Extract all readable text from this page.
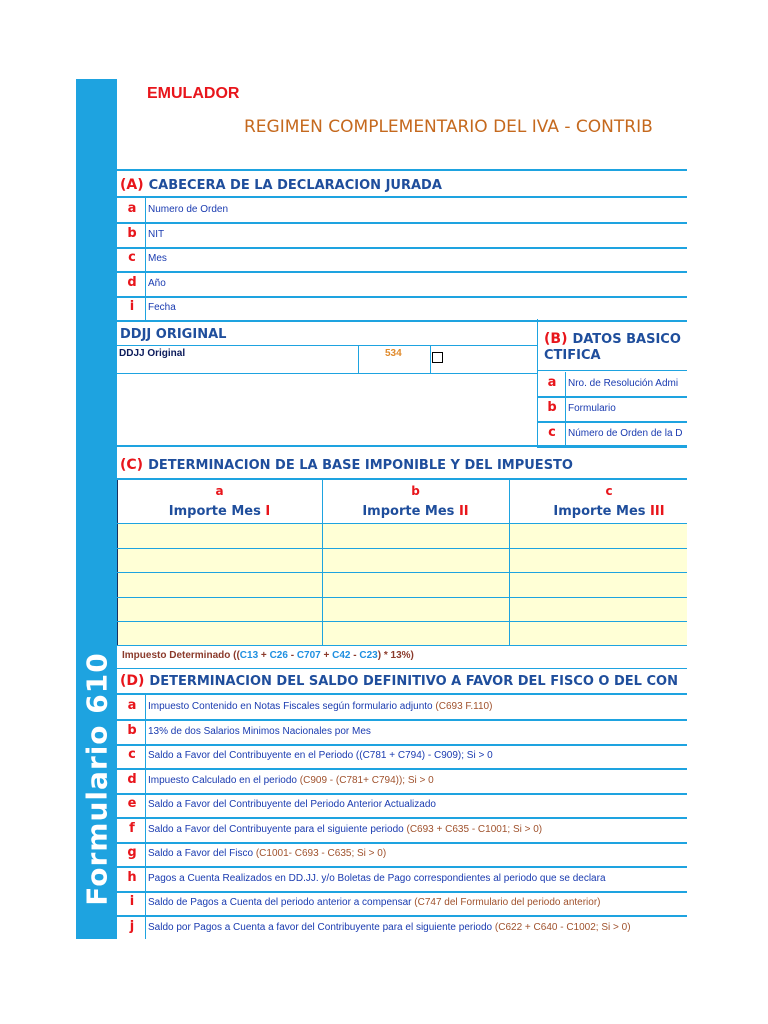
Formulario 610
EMULADOR
REGIMEN COMPLEMENTARIO DEL IVA - CONTRIB
(A) CABECERA DE LA DECLARACION JURADA
a	Numero de Orden
b	NIT
c	Mes
d	Año
i	Fecha
DDJJ ORIGINAL
DDJJ Original	534
(B) DATOS BASICO
CTIFICA
a	Nro. de Resolución Admi
b	Formulario
c	Número de Orden de la D
(C) DETERMINACION DE LA BASE IMPONIBLE Y DEL IMPUESTO
a
Importe Mes I
b
Importe Mes II
c
Importe Mes III
Impuesto Determinado ((C13 + C26 - C707 + C42 - C23) * 13%)
(D) DETERMINACION DEL SALDO DEFINITIVO A FAVOR DEL FISCO O DEL CON
a	Impuesto Contenido en Notas Fiscales según formulario adjunto (C693 F.110)
b	13% de dos Salarios Minimos Nacionales por Mes
c	Saldo a Favor del Contribuyente en el Periodo ((C781 + C794) - C909); Si > 0
d	Impuesto Calculado en el periodo (C909 - (C781+ C794)); Si > 0
e	Saldo a Favor del Contribuyente del Periodo Anterior Actualizado
f	Saldo a Favor del Contribuyente para el siguiente periodo (C693 + C635 - C1001; Si > 0)
g	Saldo a Favor del Fisco (C1001- C693 - C635; Si > 0)
h	Pagos a Cuenta Realizados en DD.JJ. y/o Boletas de Pago correspondientes al periodo que se declara
i	Saldo de Pagos a Cuenta del periodo anterior a compensar (C747 del Formulario del periodo anterior)
j	Saldo por Pagos a Cuenta a favor del Contribuyente para el siguiente periodo (C622 + C640 - C1002; Si > 0)
